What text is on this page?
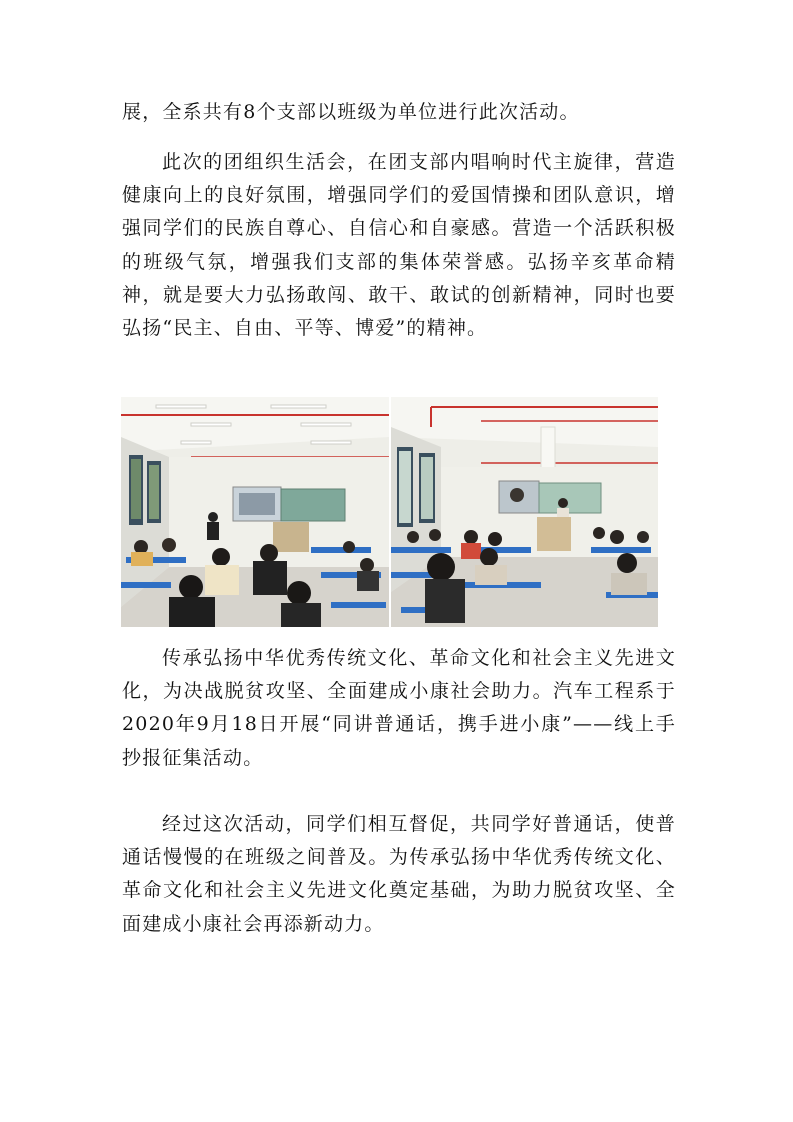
展，全系共有8个支部以班级为单位进行此次活动。

此次的团组织生活会，在团支部内唱响时代主旋律，营造健康向上的良好氛围，增强同学们的爱国情操和团队意识，增强同学们的民族自尊心、自信心和自豪感。营造一个活跃积极的班级气氛，增强我们支部的集体荣誉感。弘扬辛亥革命精神，就是要大力弘扬敢闯、敢干、敢试的创新精神，同时也要弘扬“民主、自由、平等、博爱”的精神。

传承弘扬中华优秀传统文化、革命文化和社会主义先进文化，为决战脱贫攻坚、全面建成小康社会助力。汽车工程系于2020年9月18日开展“同讲普通话，携手进小康”——线上手抄报征集活动。

经过这次活动，同学们相互督促，共同学好普通话，使普通话慢慢的在班级之间普及。为传承弘扬中华优秀传统文化、革命文化和社会主义先进文化奠定基础，为助力脱贫攻坚、全面建成小康社会再添新动力。
